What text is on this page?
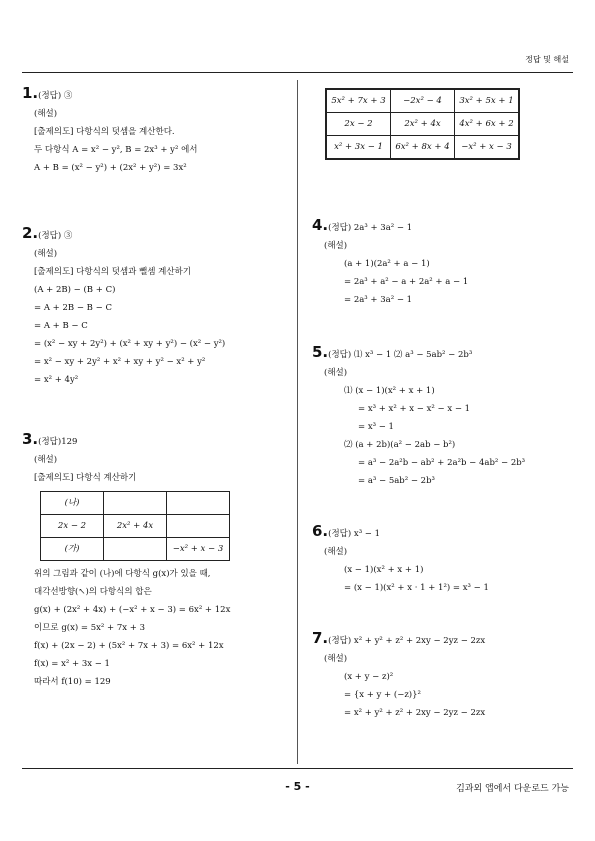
정답 및 해설
1.(정답) ③
(해설)
[출제의도] 다항식의 덧셈을 계산한다.
두 다항식 A = x² − y², B = 2x³ + y² 에서
A + B = (x² − y²) + (2x² + y²) = 3x²
2.(정답) ③
(해설)
[출제의도] 다항식의 덧셈과 뺄셈 계산하기
(A + 2B) − (B + C)
= A + 2B − B − C
= A + B − C
= (x² − xy + 2y²) + (x² + xy + y²) − (x² − y²)
= x² − xy + 2y² + x² + xy + y² − x² + y²
= x² + 4y²
3.(정답)129
(해설)
[출제의도] 다항식 계산하기
(나)		
2x − 2	2x² + 4x	
(가)		−x² + x − 3
위의 그림과 같이 (나)에 다항식 g(x)가 있을 때,
대각선방향(↖)의 다항식의 합은
g(x) + (2x² + 4x) + (−x² + x − 3) = 6x² + 12x
이므로 g(x) = 5x² + 7x + 3
f(x) + (2x − 2) + (5x² + 7x + 3) = 6x² + 12x
f(x) = x² + 3x − 1
따라서 f(10) = 129
5x² + 7x + 3	−2x² − 4	3x² + 5x + 1
2x − 2	2x² + 4x	4x² + 6x + 2
x² + 3x − 1	6x² + 8x + 4	−x² + x − 3
4.(정답) 2a³ + 3a² − 1
(해설)
(a + 1)(2a² + a − 1)
= 2a³ + a² − a + 2a² + a − 1
= 2a³ + 3a² − 1
5.(정답) ⑴ x³ − 1 ⑵ a³ − 5ab² − 2b³
(해설)
⑴ (x − 1)(x² + x + 1)
= x³ + x² + x − x² − x − 1
= x³ − 1
⑵ (a + 2b)(a² − 2ab − b²)
= a³ − 2a²b − ab² + 2a²b − 4ab² − 2b³
= a³ − 5ab² − 2b³
6.(정답) x³ − 1
(해설)
(x − 1)(x² + x + 1)
= (x − 1)(x² + x · 1 + 1²) = x³ − 1
7.(정답) x² + y² + z² + 2xy − 2yz − 2zx
(해설)
(x + y − z)²
= {x + y + (−z)}²
= x² + y² + z² + 2xy − 2yz − 2zx
- 5 -	김과외 앱에서 다운로드 가능
